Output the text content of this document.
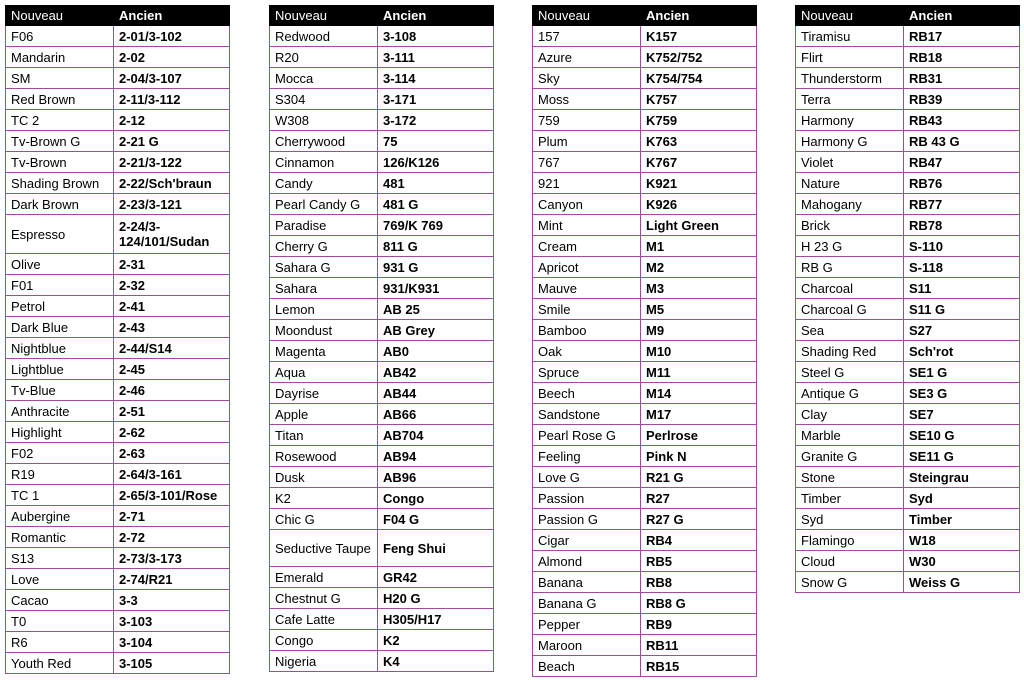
Nouveau	Ancien
F06	2-01/3-102
Mandarin	2-02
SM	2-04/3-107
Red Brown	2-11/3-112
TC 2	2-12
Tv-Brown G	2-21 G
Tv-Brown	2-21/3-122
Shading Brown	2-22/Sch'braun
Dark Brown	2-23/3-121
Espresso	2-24/3-124/101/Sudan
Olive	2-31
F01	2-32
Petrol	2-41
Dark Blue	2-43
Nightblue	2-44/S14
Lightblue	2-45
Tv-Blue	2-46
Anthracite	2-51
Highlight	2-62
F02	2-63
R19	2-64/3-161
TC 1	2-65/3-101/Rose
Aubergine	2-71
Romantic	2-72
S13	2-73/3-173
Love	2-74/R21
Cacao	3-3
T0	3-103
R6	3-104
Youth Red	3-105
Nouveau	Ancien
Redwood	3-108
R20	3-111
Mocca	3-114
S304	3-171
W308	3-172
Cherrywood	75
Cinnamon	126/K126
Candy	481
Pearl Candy G	481 G
Paradise	769/K 769
Cherry G	811 G
Sahara G	931 G
Sahara	931/K931
Lemon	AB 25
Moondust	AB Grey
Magenta	AB0
Aqua	AB42
Dayrise	AB44
Apple	AB66
Titan	AB704
Rosewood	AB94
Dusk	AB96
K2	Congo
Chic G	F04 G
Seductive Taupe	Feng Shui
Emerald	GR42
Chestnut G	H20 G
Cafe Latte	H305/H17
Congo	K2
Nigeria	K4
Nouveau	Ancien
157	K157
Azure	K752/752
Sky	K754/754
Moss	K757
759	K759
Plum	K763
767	K767
921	K921
Canyon	K926
Mint	Light Green
Cream	M1
Apricot	M2
Mauve	M3
Smile	M5
Bamboo	M9
Oak	M10
Spruce	M11
Beech	M14
Sandstone	M17
Pearl Rose G	Perlrose
Feeling	Pink N
Love G	R21 G
Passion	R27
Passion G	R27 G
Cigar	RB4
Almond	RB5
Banana	RB8
Banana G	RB8 G
Pepper	RB9
Maroon	RB11
Beach	RB15
Nouveau	Ancien
Tiramisu	RB17
Flirt	RB18
Thunderstorm	RB31
Terra	RB39
Harmony	RB43
Harmony G	RB 43 G
Violet	RB47
Nature	RB76
Mahogany	RB77
Brick	RB78
H 23 G	S-110
RB G	S-118
Charcoal	S11
Charcoal G	S11 G
Sea	S27
Shading Red	Sch'rot
Steel G	SE1 G
Antique G	SE3 G
Clay	SE7
Marble	SE10 G
Granite G	SE11 G
Stone	Steingrau
Timber	Syd
Syd	Timber
Flamingo	W18
Cloud	W30
Snow G	Weiss G
